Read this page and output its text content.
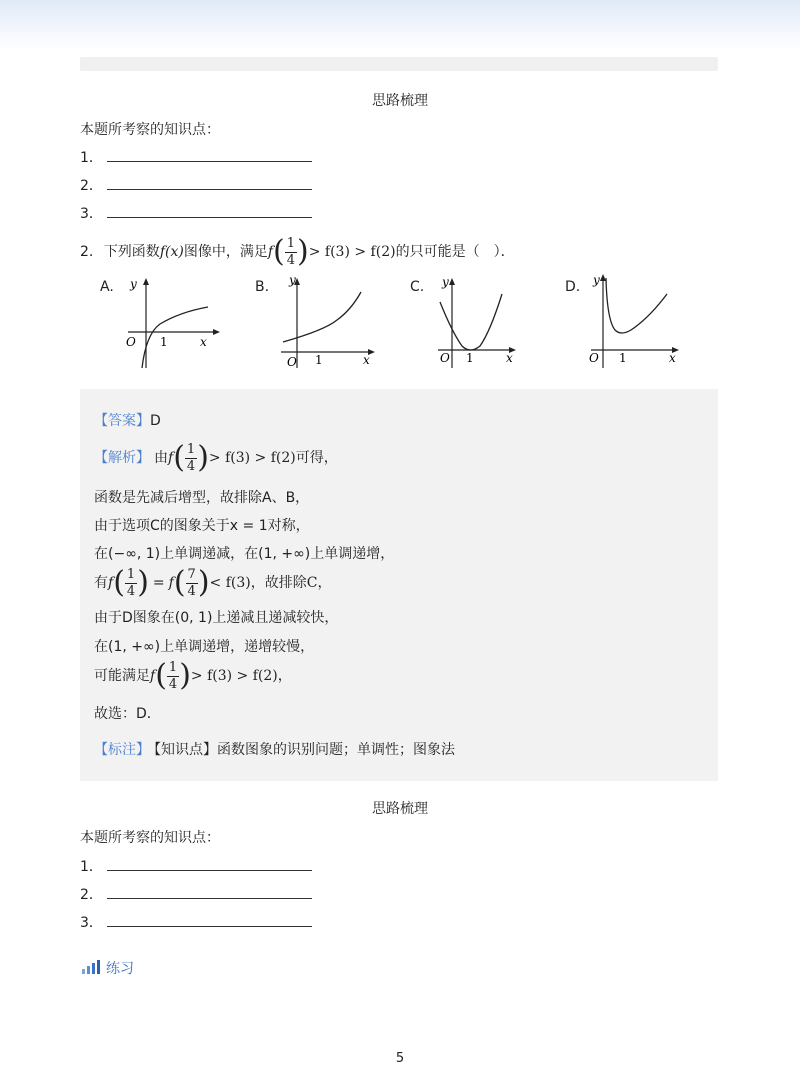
思路梳理
本题所考察的知识点：
1．
2．
3．
2. 下列函数f(x)图像中，满足$f( \frac{1}{4}$ )> f(3) > f(2)的只可能是（　）．
A.	B.	C.	D.
y
x
O 1
y
x
O 1
y
x
O 1
y
x
O 1
【答案】D
【解析】 由$f( \frac{1}{4}$ )> f(3) > f(2)可得，
函数是先减后增型，故排除A、B，
由于选项C的图象关于x = 1对称，
在(−∞, 1)上单调递减，在(1, +∞)上单调递增，
有$f( \frac{1}{4}$ ) = $f( \frac{7}{4}$ )< f(3)，故排除C，
由于D图象在(0, 1)上递减且递减较快，
在(1, +∞)上单调递增，递增较慢，
可能满足$f( \frac{1}{4}$ )> f(3) > f(2)，
故选：D．
【标注】 【知识点】函数图象的识别问题；单调性；图象法
思路梳理
本题所考察的知识点：
1．
2．
3．
练习
5
